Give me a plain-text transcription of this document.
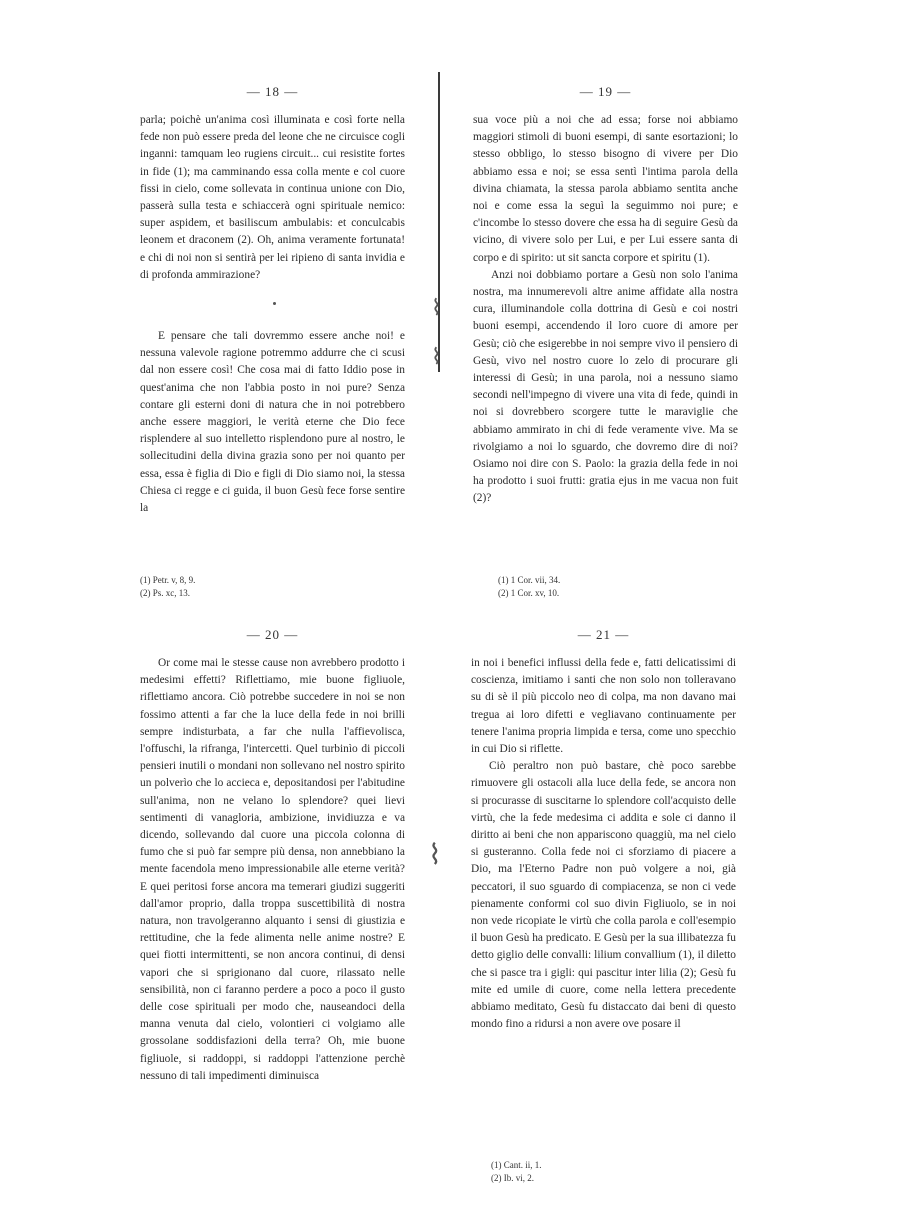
⌇
⌇
⌇
— 18 —

parla; poichè un'anima così illuminata e così forte nella fede non può essere preda del leone che ne circuisce cogli inganni: tamquam leo rugiens circuit... cui resistite fortes in fide (1); ma camminando essa colla mente e col cuore fissi in cielo, come sollevata in continua unione con Dio, passerà sulla testa e schiaccerà ogni spirituale nemico: super aspidem, et basiliscum ambulabis: et conculcabis leonem et draconem (2). Oh, anima veramente fortunata! e chi di noi non si sentirà per lei ripieno di santa invidia e di profonda ammirazione?

E pensare che tali dovremmo essere anche noi! e nessuna valevole ragione potremmo addurre che ci scusi dal non essere così! Che cosa mai di fatto Iddio pose in quest'anima che non l'abbia posto in noi pure? Senza contare gli esterni doni di natura che in noi potrebbero anche essere maggiori, le verità eterne che Dio fece risplendere al suo intelletto risplendono pure al nostro, le sollecitudini della divina grazia sono per noi quanto per essa, essa è figlia di Dio e figli di Dio siamo noi, la stessa Chiesa ci regge e ci guida, il buon Gesù fece forse sentire la

(1) Petr. v, 8, 9.
(2) Ps. xc, 13.
— 19 —

sua voce più a noi che ad essa; forse noi abbiamo maggiori stimoli di buoni esempi, di sante esortazioni; lo stesso obbligo, lo stesso bisogno di vivere per Dio abbiamo essa e noi; se essa sentì l'intima parola della divina chiamata, la stessa parola abbiamo sentita anche noi e come essa la seguì la seguimmo noi pure; e c'incombe lo stesso dovere che essa ha di seguire Gesù da vicino, di vivere solo per Lui, e per Lui essere santa di corpo e di spirito: ut sit sancta corpore et spiritu (1).

Anzi noi dobbiamo portare a Gesù non solo l'anima nostra, ma innumerevoli altre anime affidate alla nostra cura, illuminandole colla dottrina di Gesù e coi nostri buoni esempi, accendendo il loro cuore di amore per Gesù; ciò che esigerebbe in noi sempre vivo il pensiero di Gesù, vivo nel nostro cuore lo zelo di procurare gli interessi di Gesù; in una parola, noi a nessuno siamo secondi nell'impegno di vivere una vita di fede, quindi in noi si dovrebbero scorgere tutte le maraviglie che abbiamo ammirato in chi di fede veramente vive. Ma se rivolgiamo a noi lo sguardo, che dovremo dire di noi? Osiamo noi dire con S. Paolo: la grazia della fede in noi ha prodotto i suoi frutti: gratia ejus in me vacua non fuit (2)?

(1) 1 Cor. vii, 34.
(2) 1 Cor. xv, 10.
— 20 —

Or come mai le stesse cause non avrebbero prodotto i medesimi effetti? Riflettiamo, mie buone figliuole, riflettiamo ancora. Ciò potrebbe succedere in noi se non fossimo attenti a far che la luce della fede in noi brilli sempre indisturbata, a far che nulla l'affievolisca, l'offuschi, la rifranga, l'intercetti. Quel turbinìo di piccoli pensieri inutili o mondani non sollevano nel nostro spirito un polverìo che lo accieca e, depositandosi per l'abitudine sull'anima, non ne velano lo splendore? quei lievi sentimenti di vanagloria, ambizione, invidiuzza e va dicendo, sollevando dal cuore una piccola colonna di fumo che si può far sempre più densa, non annebbiano la mente facendola meno impressionabile alle eterne verità? E quei peritosi forse ancora ma temerari giudizi suggeriti dall'amor proprio, dalla troppa suscettibilità di nostra natura, non travolgeranno alquanto i sensi di giustizia e rettitudine, che la fede alimenta nelle anime nostre? E quei fiotti intermittenti, se non ancora continui, di densi vapori che si sprigionano dal cuore, rilassato nelle sensibilità, non ci faranno perdere a poco a poco il gusto delle cose spirituali per modo che, nauseandoci della manna venuta dal cielo, volontieri ci volgiamo alle grossolane soddisfazioni della terra? Oh, mie buone figliuole, si raddoppi, si raddoppi l'attenzione perchè nessuno di tali impedimenti diminuisca

— 21 —

in noi i benefici influssi della fede e, fatti delicatissimi di coscienza, imitiamo i santi che non solo non tolleravano su di sè il più piccolo neo di colpa, ma non davano mai tregua ai loro difetti e vegliavano continuamente per tenere l'anima propria limpida e tersa, come uno specchio in cui Dio si riflette.

Ciò peraltro non può bastare, chè poco sarebbe rimuovere gli ostacoli alla luce della fede, se ancora non si procurasse di suscitarne lo splendore coll'acquisto delle virtù, che la fede medesima ci addita e sole ci danno il diritto ai beni che non appariscono quaggiù, ma nel cielo si gusteranno. Colla fede noi ci sforziamo di piacere a Dio, ma l'Eterno Padre non può volgere a noi, già peccatori, il suo sguardo di compiacenza, se non ci vede pienamente conformi col suo divin Figliuolo, se in noi non vede ricopiate le virtù che colla parola e coll'esempio il buon Gesù ha predicato. E Gesù per la sua illibatezza fu detto giglio delle convalli: lilium convallium (1), il diletto che si pasce tra i gigli: qui pascitur inter lilia (2); Gesù fu mite ed umile di cuore, come nella lettera precedente abbiamo meditato, Gesù fu distaccato dai beni di questo mondo fino a ridursi a non avere ove posare il

(1) Cant. ii, 1.
(2) Ib. vi, 2.
